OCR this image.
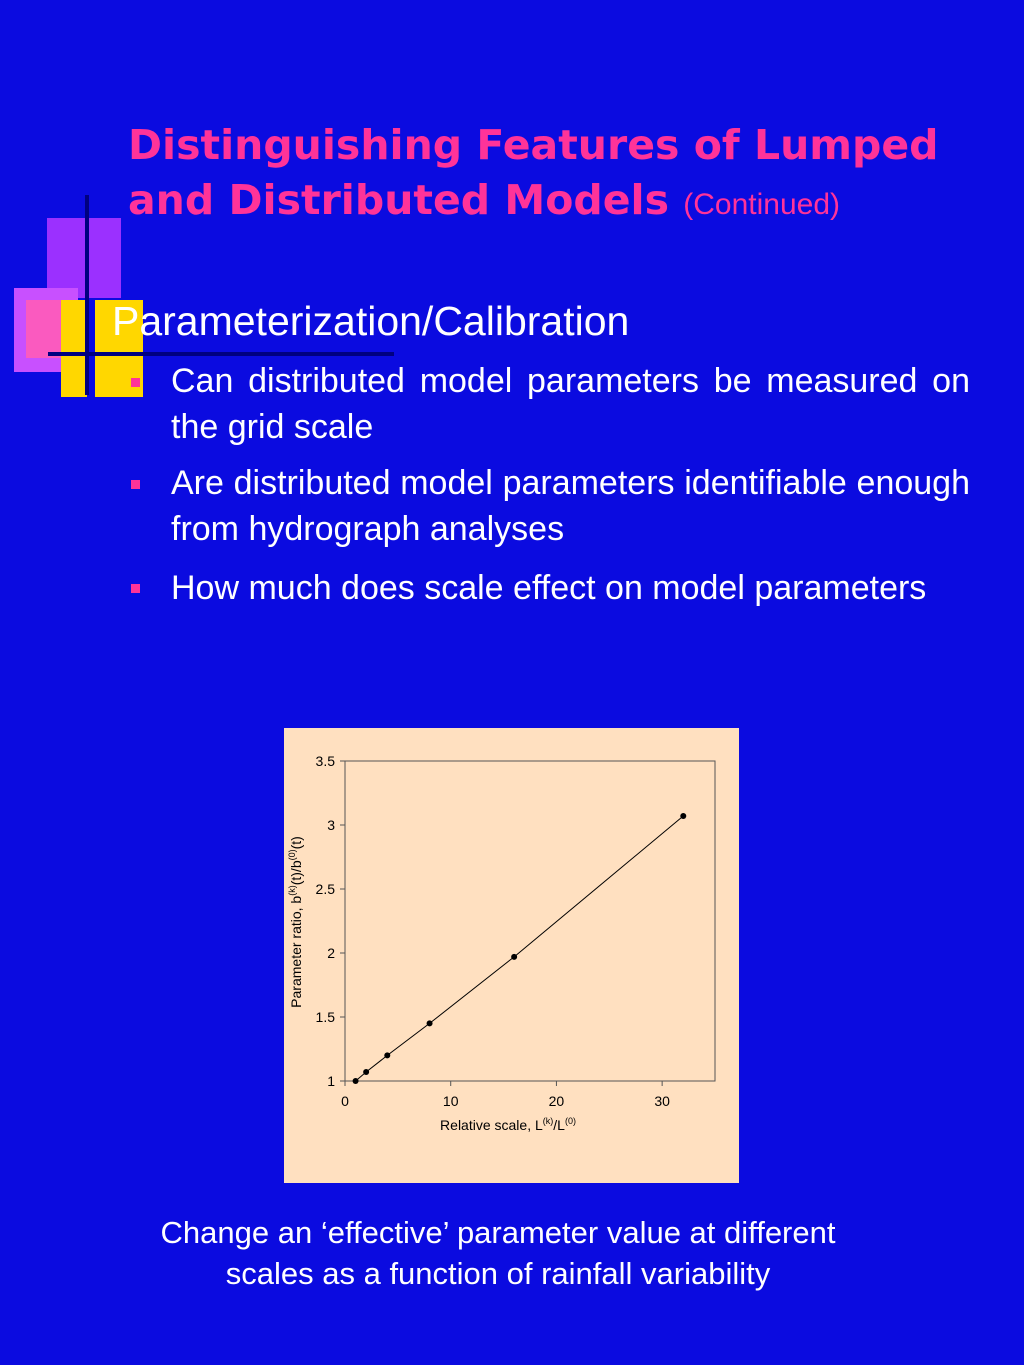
Distinguishing Features of Lumped and Distributed Models (Continued)
Parameterization/Calibration
Can distributed model parameters be measured on the grid scale
Are distributed model parameters identifiable enough from hydrograph analyses
How much does scale effect on model parameters
1
1.5
2
2.5
3
3.5
0	10	20	30
Relative scale, $L^{(k)}/L^{(0)}$
Parameter ratio, $b^{(k)}(t)/b^{(0)}(t)$
Change an ‘effective’ parameter value at different
scales as a function of rainfall variability
